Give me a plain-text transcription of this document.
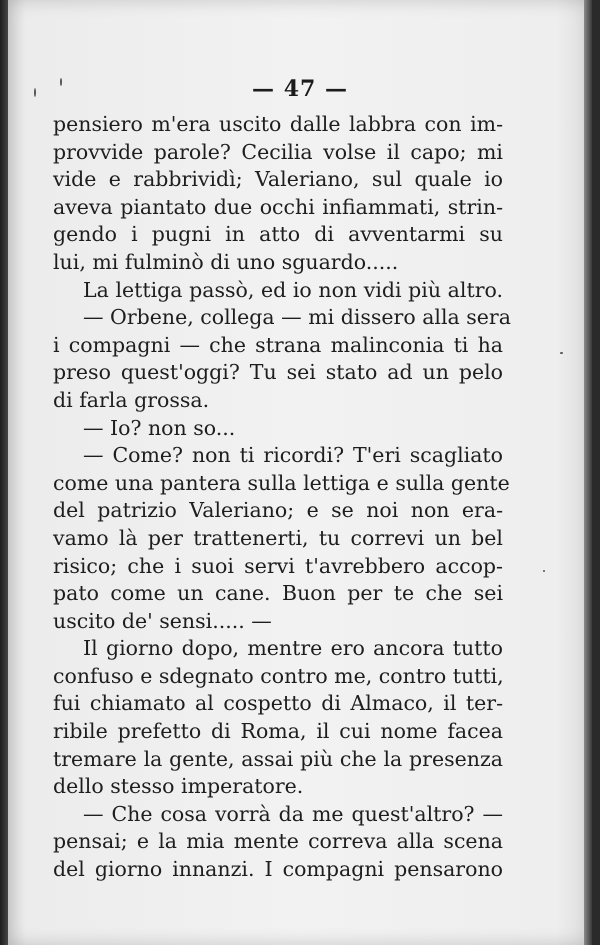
— 47 —
pensiero m'era uscito dalle labbra con im-
provvide parole? Cecilia volse il capo; mi
vide e rabbrividì; Valeriano, sul quale io
aveva piantato due occhi infiammati, strin-
gendo i pugni in atto di avventarmi su
lui, mi fulminò di uno sguardo.....
La lettiga passò, ed io non vidi più altro.
— Orbene, collega — mi dissero alla sera
i compagni — che strana malinconia ti ha
preso quest'oggi? Tu sei stato ad un pelo
di farla grossa.
— Io? non so...
— Come? non ti ricordi? T'eri scagliato
come una pantera sulla lettiga e sulla gente
del patrizio Valeriano; e se noi non era-
vamo là per trattenerti, tu correvi un bel
risico; che i suoi servi t'avrebbero accop-
pato come un cane. Buon per te che sei
uscito de' sensi..... —
Il giorno dopo, mentre ero ancora tutto
confuso e sdegnato contro me, contro tutti,
fui chiamato al cospetto di Almaco, il ter-
ribile prefetto di Roma, il cui nome facea
tremare la gente, assai più che la presenza
dello stesso imperatore.
— Che cosa vorrà da me quest'altro? —
pensai; e la mia mente correva alla scena
del giorno innanzi. I compagni pensarono
